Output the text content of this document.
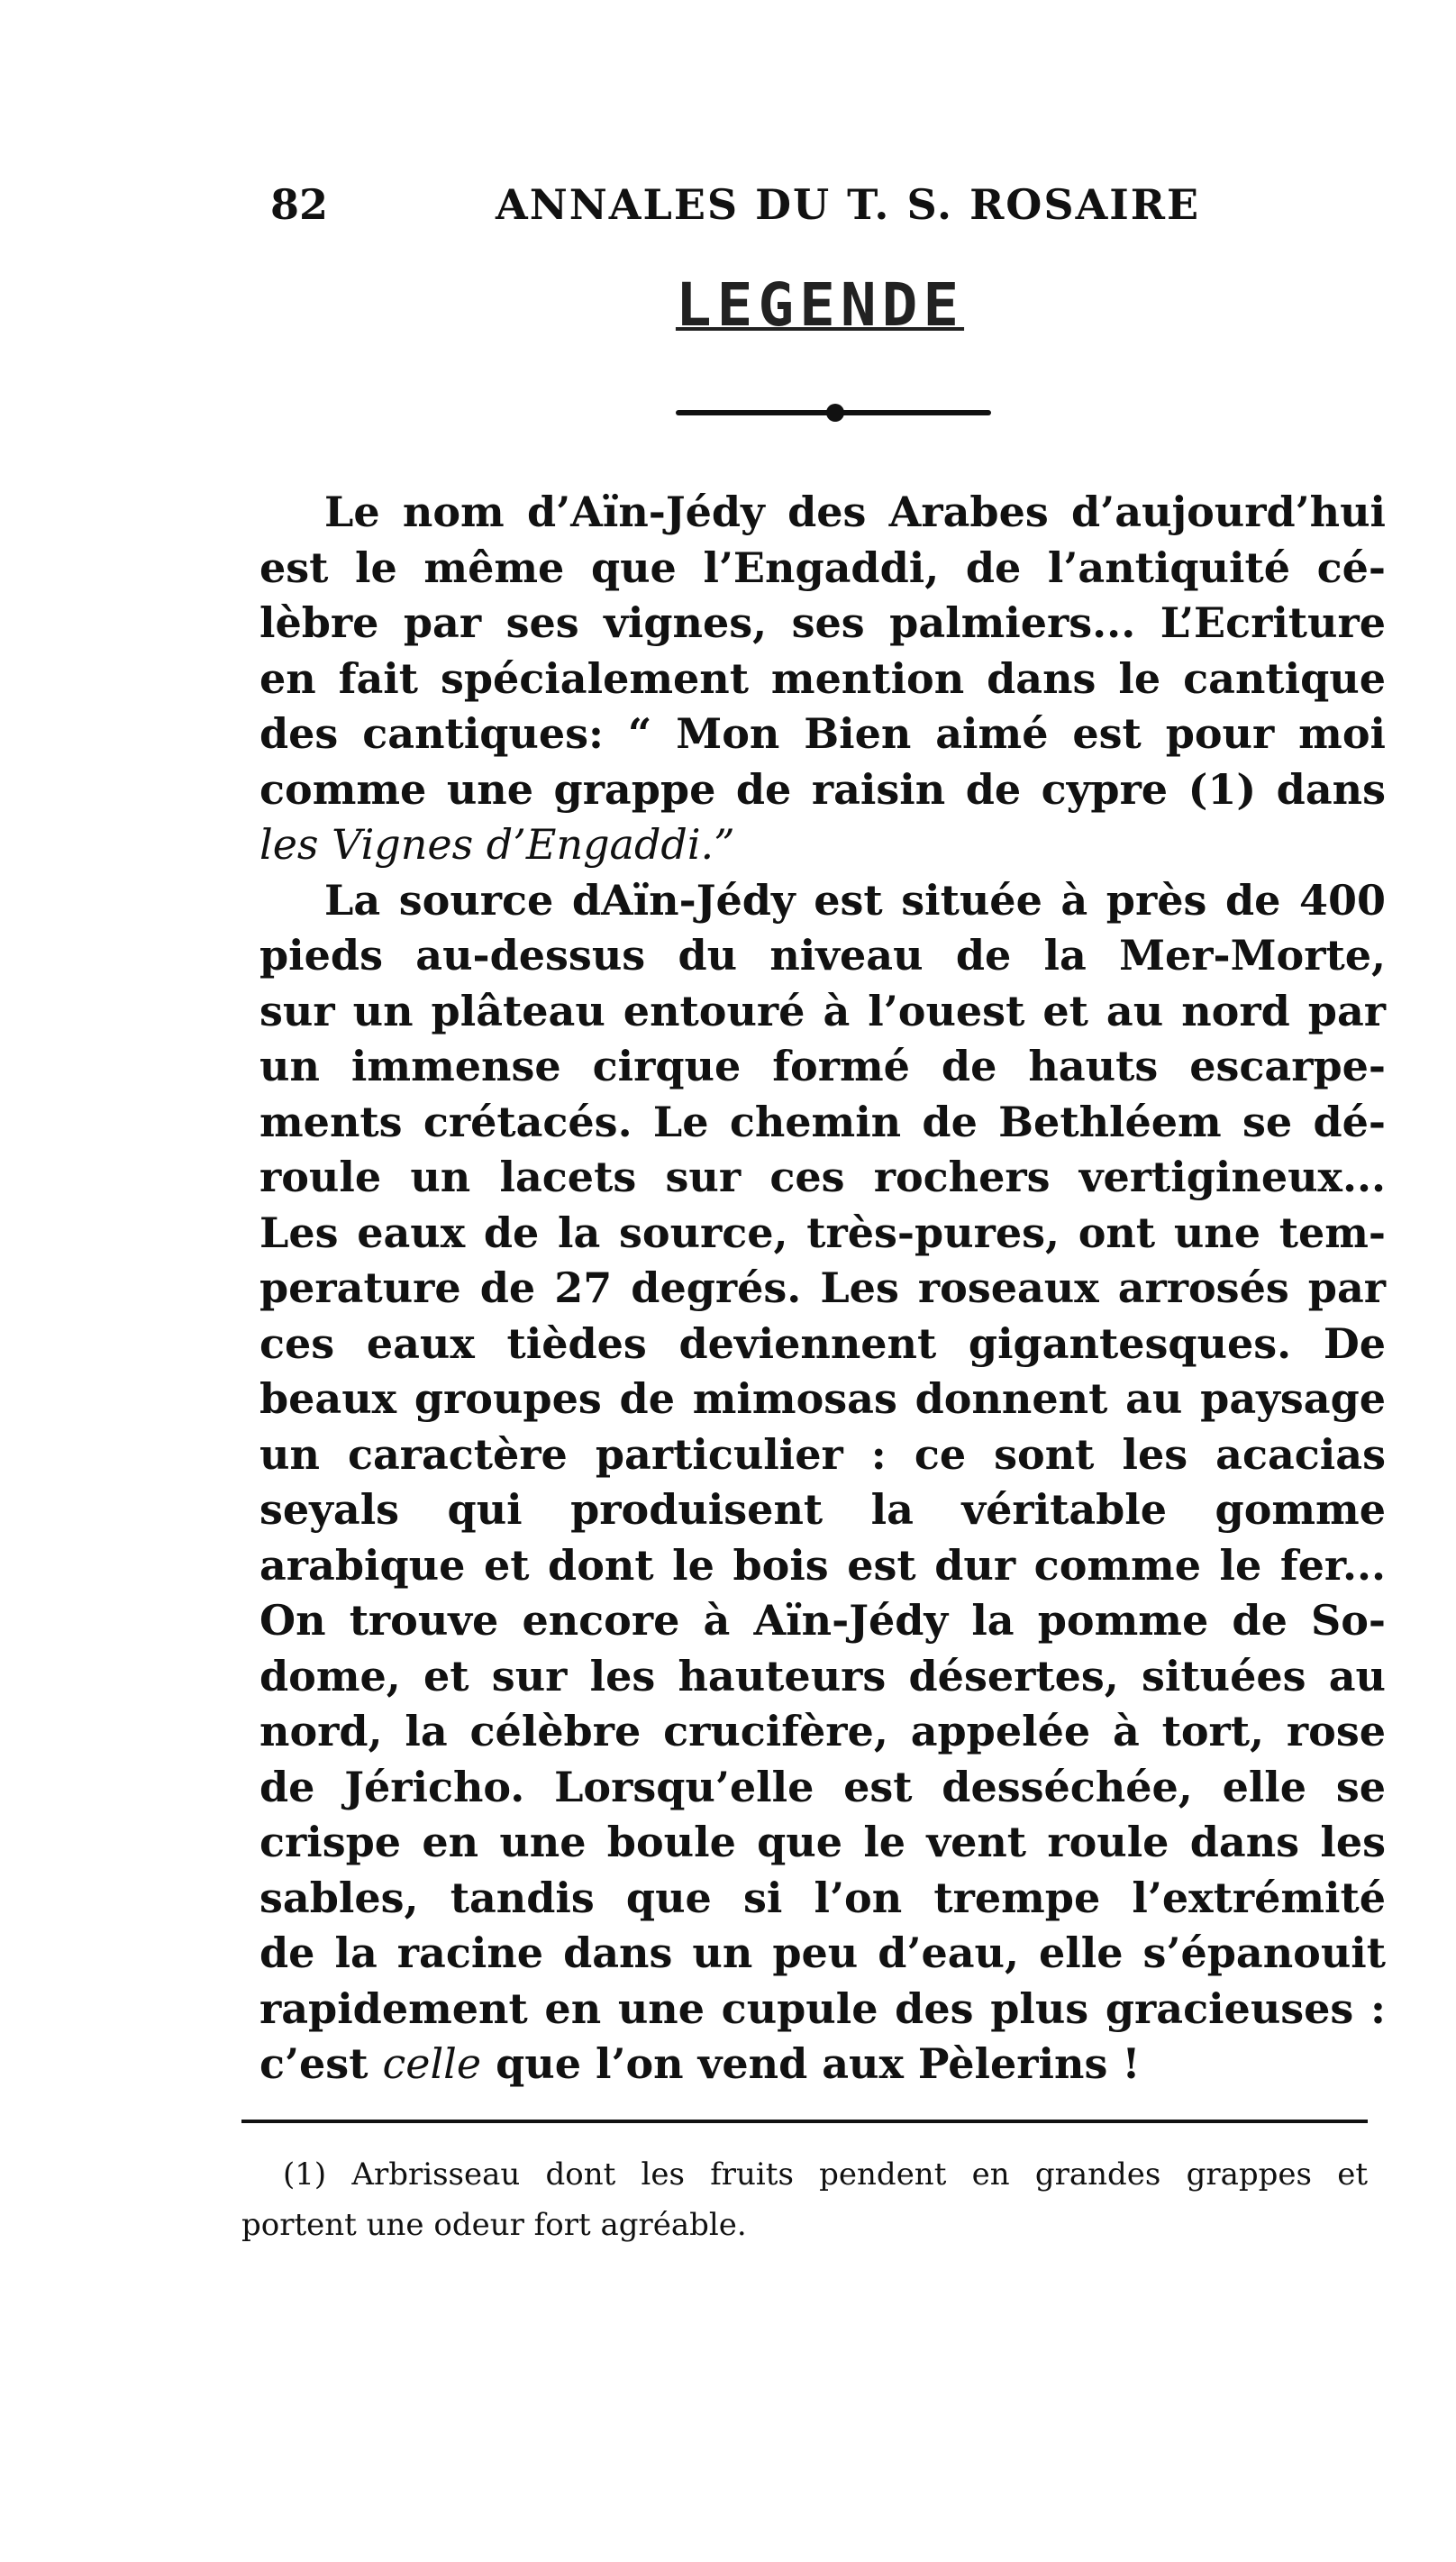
82	ANNALES DU T. S. ROSAIRE
LEGENDE
Le nom d’Aïn-Jédy des Arabes d’aujourd’hui
est le même que l’Engaddi, de l’antiquité cé-
lèbre par ses vignes, ses palmiers... L’Ecriture
en fait spécialement mention dans le cantique
des cantiques: “ Mon Bien aimé est pour moi
comme une grappe de raisin de cypre (1) dans
les Vignes d’Engaddi.”
La source dAïn-Jédy est située à près de 400
pieds au-dessus du niveau de la Mer-Morte,
sur un plâteau entouré à l’ouest et au nord par
un immense cirque formé de hauts escarpe-
ments crétacés. Le chemin de Bethléem se dé-
roule un lacets sur ces rochers vertigineux...
Les eaux de la source, très-pures, ont une tem-
perature de 27 degrés. Les roseaux arrosés par
ces eaux tièdes deviennent gigantesques. De
beaux groupes de mimosas donnent au paysage
un caractère particulier : ce sont les acacias
seyals qui produisent la véritable gomme
arabique et dont le bois est dur comme le fer...
On trouve encore à Aïn-Jédy la pomme de So-
dome, et sur les hauteurs désertes, situées au
nord, la célèbre crucifère, appelée à tort, rose
de Jéricho. Lorsqu’elle est desséchée, elle se
crispe en une boule que le vent roule dans les
sables, tandis que si l’on trempe l’extrémité
de la racine dans un peu d’eau, elle s’épanouit
rapidement en une cupule des plus gracieuses :
c’est celle que l’on vend aux Pèlerins !
(1) Arbrisseau dont les fruits pendent en grandes grappes et
portent une odeur fort agréable.
